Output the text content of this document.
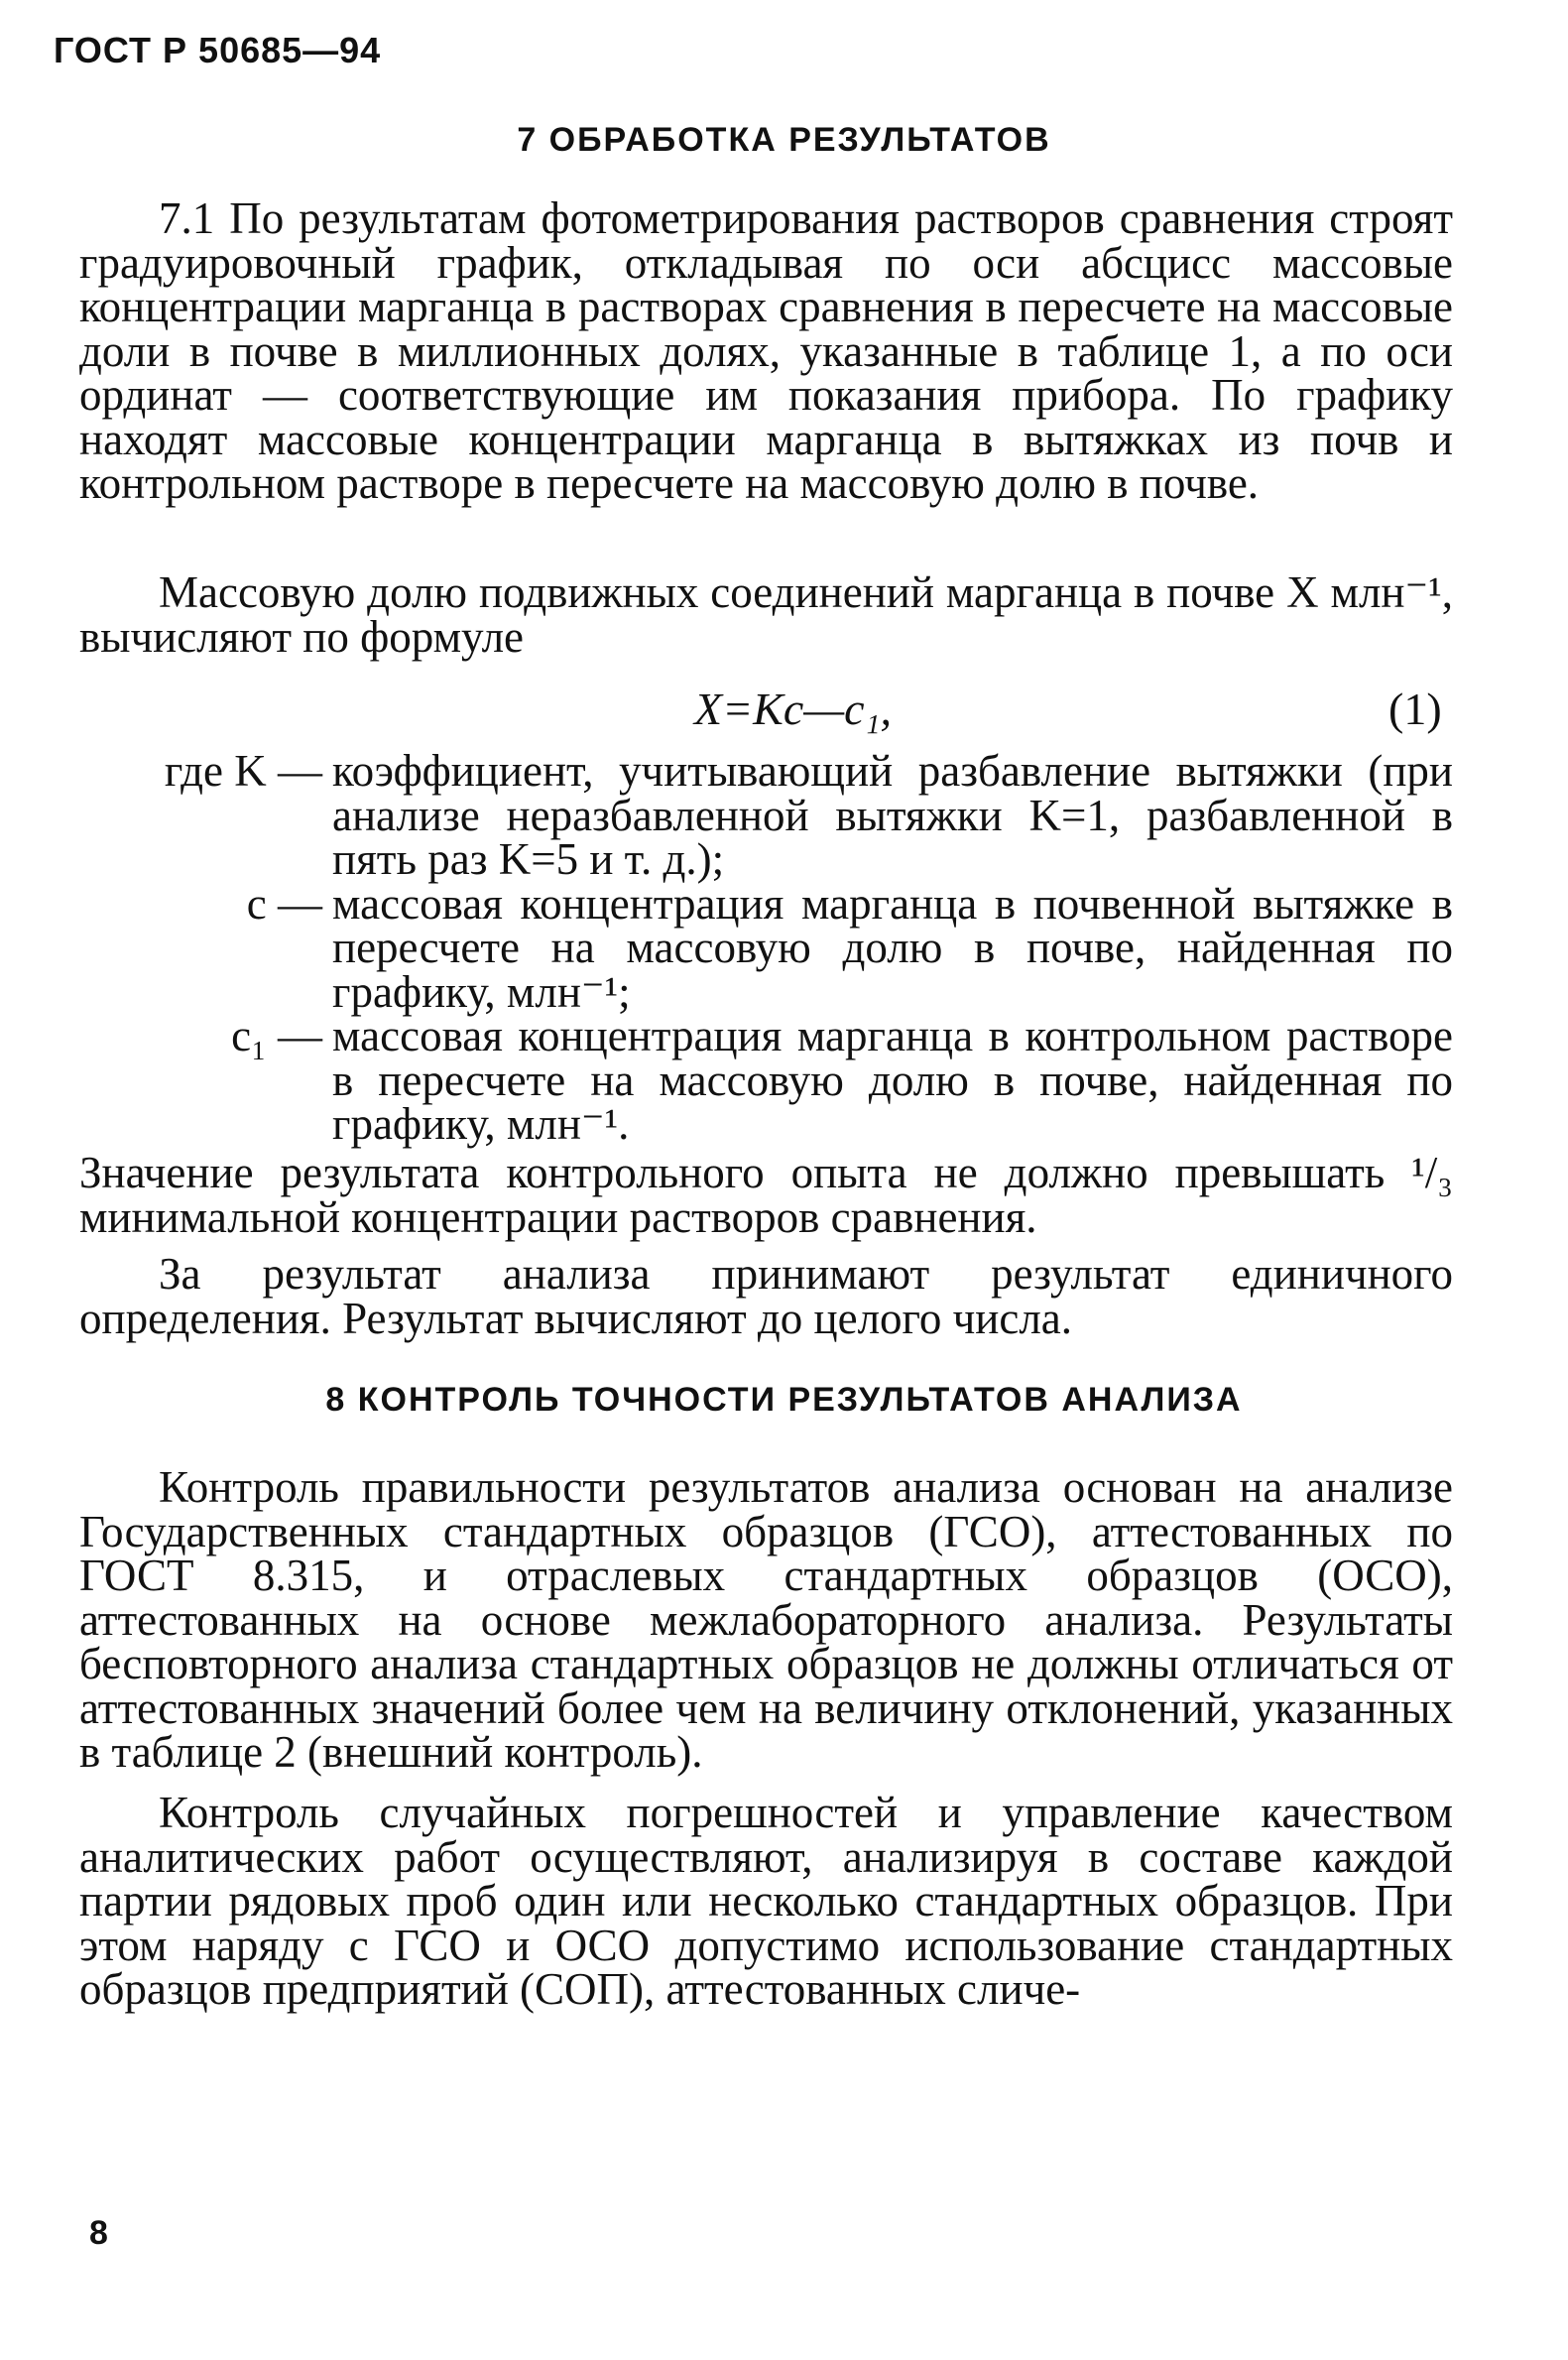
ГОСТ Р 50685—94
7 ОБРАБОТКА РЕЗУЛЬТАТОВ
7.1 По результатам фотометрирования растворов сравнения строят градуировочный график, откладывая по оси абсцисс массовые концентрации марганца в растворах сравнения в пересчете на массовые доли в почве в миллионных долях, указанные в таблице 1, а по оси ординат — соответствующие им показания прибора. По графику находят массовые концентрации марганца в вытяжках из почв и контрольном растворе в пересчете на массовую долю в почве.
Массовую долю подвижных соединений марганца в почве X млн⁻¹, вычисляют по формуле
X=Kc—c₁,	(1)
где K — коэффициент, учитывающий разбавление вытяжки (при анализе неразбавленной вытяжки K=1, разбавленной в пять раз K=5 и т. д.);
c — массовая концентрация марганца в почвенной вытяжке в пересчете на массовую долю в почве, найденная по графику, млн⁻¹;
c₁ — массовая концентрация марганца в контрольном растворе в пересчете на массовую долю в почве, найденная по графику, млн⁻¹.
Значение результата контрольного опыта не должно превышать ¹/₃ минимальной концентрации растворов сравнения.
За результат анализа принимают результат единичного определения. Результат вычисляют до целого числа.
8 КОНТРОЛЬ ТОЧНОСТИ РЕЗУЛЬТАТОВ АНАЛИЗА
Контроль правильности результатов анализа основан на анализе Государственных стандартных образцов (ГСО), аттестованных по ГОСТ 8.315, и отраслевых стандартных образцов (ОСО), аттестованных на основе межлабораторного анализа. Результаты бесповторного анализа стандартных образцов не должны отличаться от аттестованных значений более чем на величину отклонений, указанных в таблице 2 (внешний контроль).
Контроль случайных погрешностей и управление качеством аналитических работ осуществляют, анализируя в составе каждой партии рядовых проб один или несколько стандартных образцов. При этом наряду с ГСО и ОСО допустимо использование стандартных образцов предприятий (СОП), аттестованных сличе-
8
